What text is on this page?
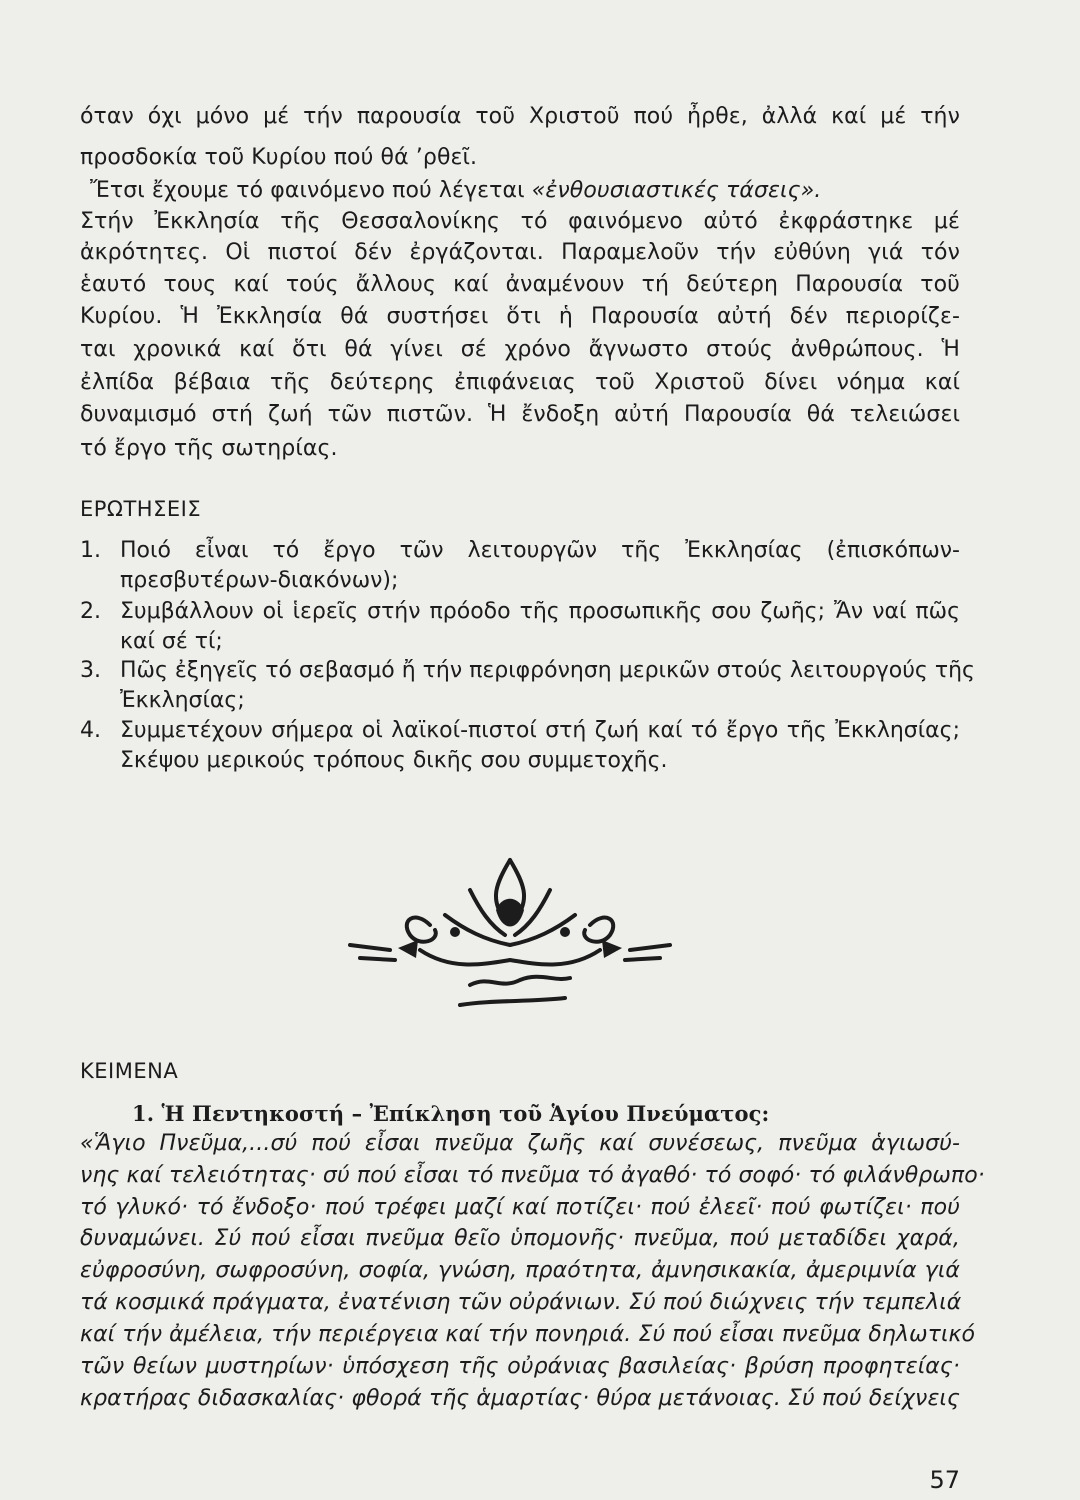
όταν όχι μόνο μέ τήν παρουσία τοῦ Χριστοῦ πού ἦρθε, ἀλλά καί μέ τήν
προσδοκία τοῦ Κυρίου πού θά ’ρθεῖ.
Ἔτσι ἔχουμε τό φαινόμενο πού λέγεται «ἐνθουσιαστικές τάσεις».
Στήν Ἐκκλησία τῆς Θεσσαλονίκης τό φαινόμενο αὐτό ἐκφράστηκε μέ
ἀκρότητες. Οἱ πιστοί δέν ἐργάζονται. Παραμελοῦν τήν εὐθύνη γιά τόν
ἑαυτό τους καί τούς ἄλλους καί ἀναμένουν τή δεύτερη Παρουσία τοῦ
Κυρίου. Ἡ Ἐκκλησία θά συστήσει ὅτι ἡ Παρουσία αὐτή δέν περιορίζε-
ται χρονικά καί ὅτι θά γίνει σέ χρόνο ἄγνωστο στούς ἀνθρώπους. Ἡ
ἐλπίδα βέβαια τῆς δεύτερης ἐπιφάνειας τοῦ Χριστοῦ δίνει νόημα καί
δυναμισμό στή ζωή τῶν πιστῶν. Ἡ ἔνδοξη αὐτή Παρουσία θά τελειώσει
τό ἔργο τῆς σωτηρίας.
ΕΡΩΤΗΣΕΙΣ
1. Ποιό εἶναι τό ἔργο τῶν λειτουργῶν τῆς Ἐκκλησίας (ἐπισκόπων-
πρεσβυτέρων-διακόνων);
2. Συμβάλλουν οἱ ἱερεῖς στήν πρόοδο τῆς προσωπικῆς σου ζωῆς; Ἄν ναί πῶς
καί σέ τί;
3. Πῶς ἐξηγεῖς τό σεβασμό ἤ τήν περιφρόνηση μερικῶν στούς λειτουργούς τῆς
Ἐκκλησίας;
4. Συμμετέχουν σήμερα οἱ λαϊκοί-πιστοί στή ζωή καί τό ἔργο τῆς Ἐκκλησίας;
Σκέψου μερικούς τρόπους δικῆς σου συμμετοχῆς.
ΚΕΙΜΕΝΑ
1. Ἡ Πεντηκοστή – Ἐπίκληση τοῦ Ἁγίου Πνεύματος:
«Ἅγιο Πνεῦμα,...σύ πού εἶσαι πνεῦμα ζωῆς καί συνέσεως, πνεῦμα ἁγιωσύ-
νης καί τελειότητας· σύ πού εἶσαι τό πνεῦμα τό ἀγαθό· τό σοφό· τό φιλάνθρωπο·
τό γλυκό· τό ἔνδοξο· πού τρέφει μαζί καί ποτίζει· πού ἐλεεῖ· πού φωτίζει· πού
δυναμώνει. Σύ πού εἶσαι πνεῦμα θεῖο ὑπομονῆς· πνεῦμα, πού μεταδίδει χαρά,
εὐφροσύνη, σωφροσύνη, σοφία, γνώση, πραότητα, ἀμνησικακία, ἀμεριμνία γιά
τά κοσμικά πράγματα, ἐνατένιση τῶν οὐράνιων. Σύ πού διώχνεις τήν τεμπελιά
καί τήν ἀμέλεια, τήν περιέργεια καί τήν πονηριά. Σύ πού εἶσαι πνεῦμα δηλωτικό
τῶν θείων μυστηρίων· ὑπόσχεση τῆς οὐράνιας βασιλείας· βρύση προφητείας·
κρατήρας διδασκαλίας· φθορά τῆς ἁμαρτίας· θύρα μετάνοιας. Σύ πού δείχνεις
57
